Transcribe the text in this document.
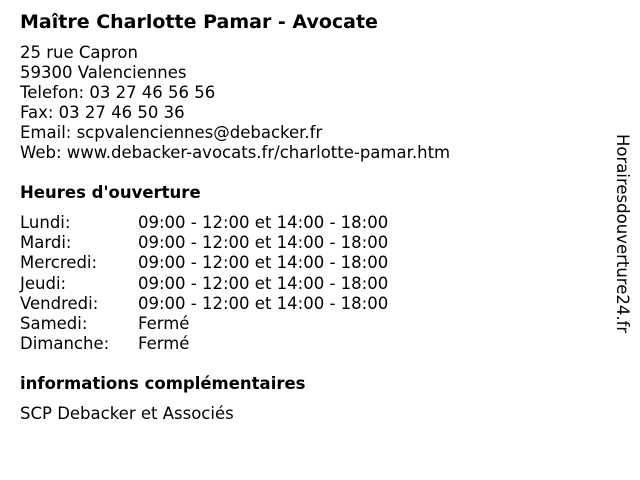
Maître Charlotte Pamar - Avocate
25 rue Capron
59300 Valenciennes
Telefon: 03 27 46 56 56
Fax: 03 27 46 50 36
Email: scpvalenciennes@debacker.fr
Web: www.debacker-avocats.fr/charlotte-pamar.htm
Heures d'ouverture
Lundi:	09:00 - 12:00 et 14:00 - 18:00
Mardi:	09:00 - 12:00 et 14:00 - 18:00
Mercredi:	09:00 - 12:00 et 14:00 - 18:00
Jeudi:	09:00 - 12:00 et 14:00 - 18:00
Vendredi:	09:00 - 12:00 et 14:00 - 18:00
Samedi:	Fermé
Dimanche:	Fermé
informations complémentaires
SCP Debacker et Associés
Horairesdouverture24.fr
